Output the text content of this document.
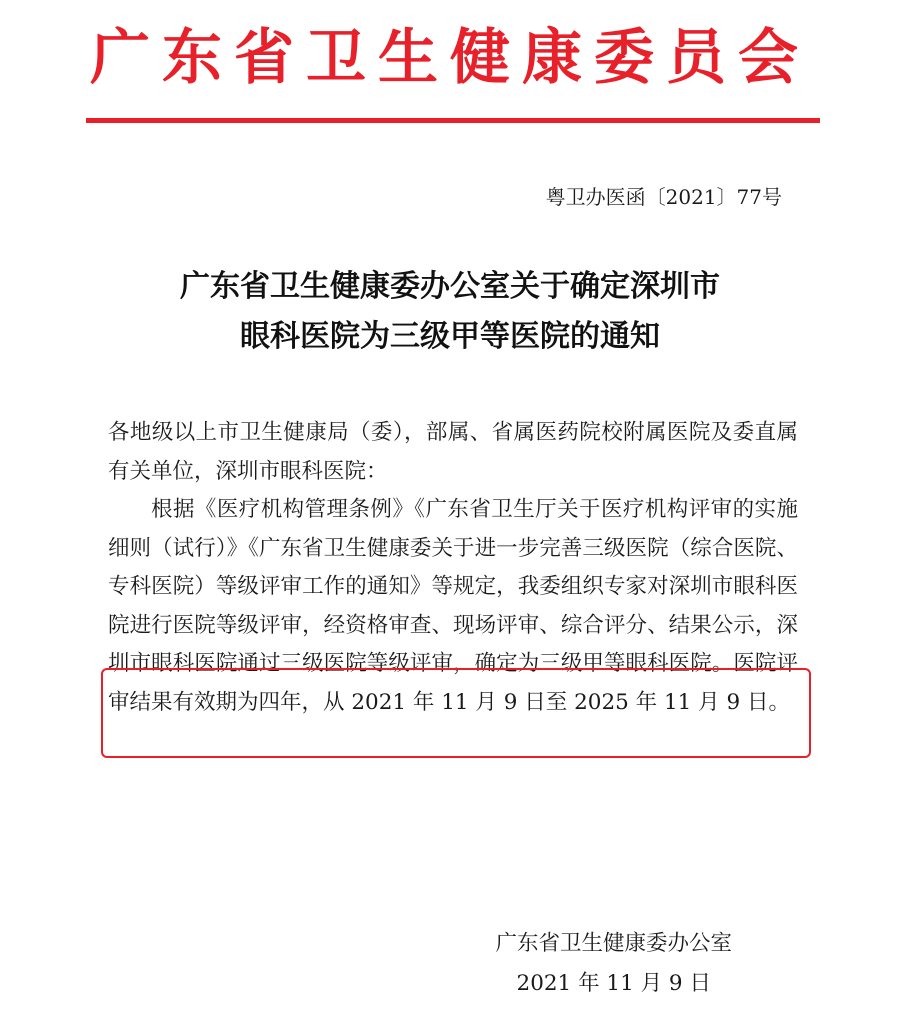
广东省卫生健康委员会
粤卫办医函〔2021〕77号
广东省卫生健康委办公室关于确定深圳市
眼科医院为三级甲等医院的通知

各地级以上市卫生健康局（委），部属、省属医药院校附属医院及委直属有关单位，深圳市眼科医院：

根据《医疗机构管理条例》《广东省卫生厅关于医疗机构评审的实施细则（试行）》《广东省卫生健康委关于进一步完善三级医院（综合医院、专科医院）等级评审工作的通知》等规定，我委组织专家对深圳市眼科医院进行医院等级评审，经资格审查、现场评审、综合评分、结果公示，深圳市眼科医院通过三级医院等级评审，确定为三级甲等眼科医院。医院评审结果有效期为四年，从 2021 年 11 月 9 日至 2025 年 11 月 9 日。

广东省卫生健康委办公室
2021 年 11 月 9 日
